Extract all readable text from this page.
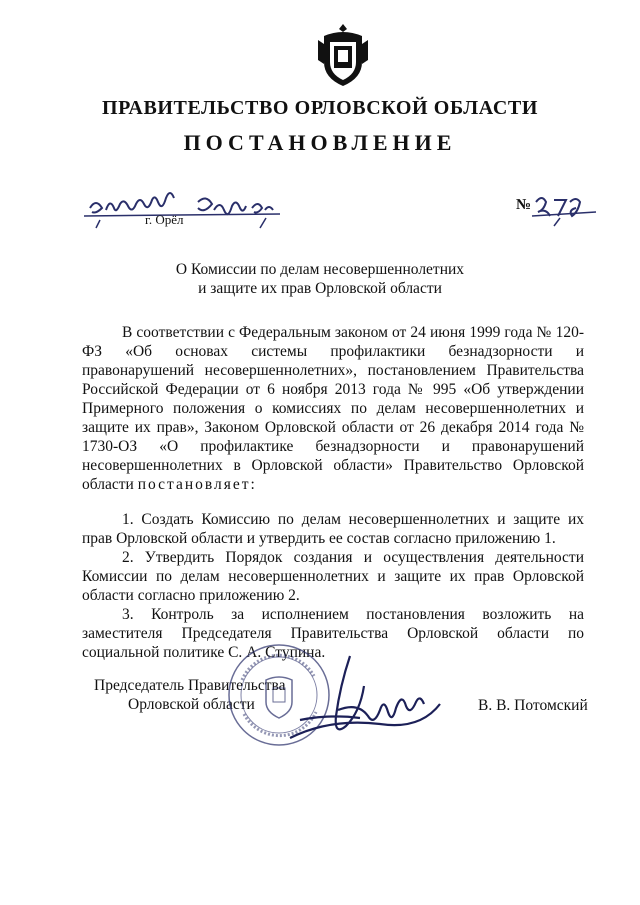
ПРАВИТЕЛЬСТВО ОРЛОВСКОЙ ОБЛАСТИ
ПОСТАНОВЛЕНИЕ
г. Орёл
№
О Комиссии по делам несовершеннолетних
и защите их прав Орловской области

В соответствии с Федеральным законом от 24 июня 1999 года № 120-ФЗ «Об основах системы профилактики безнадзорности и правонарушений несовершеннолетних», постановлением Правительства Российской Федерации от 6 ноября 2013 года № 995 «Об утверждении Примерного положения о комиссиях по делам несовершеннолетних и защите их прав», Законом Орловской области от 26 декабря 2014 года № 1730-ОЗ «О профилактике безнадзорности и правонарушений несовершеннолетних в Орловской области» Правительство Орловской области постановляет:

1. Создать Комиссию по делам несовершеннолетних и защите их прав Орловской области и утвердить ее состав согласно приложению 1.

2. Утвердить Порядок создания и осуществления деятельности Комиссии по делам несовершеннолетних и защите их прав Орловской области согласно приложению 2.

3. Контроль за исполнением постановления возложить на заместителя Председателя Правительства Орловской области по социальной политике С. А. Ступина.

Председатель Правительства
Орловской области	В. В. Потомский
